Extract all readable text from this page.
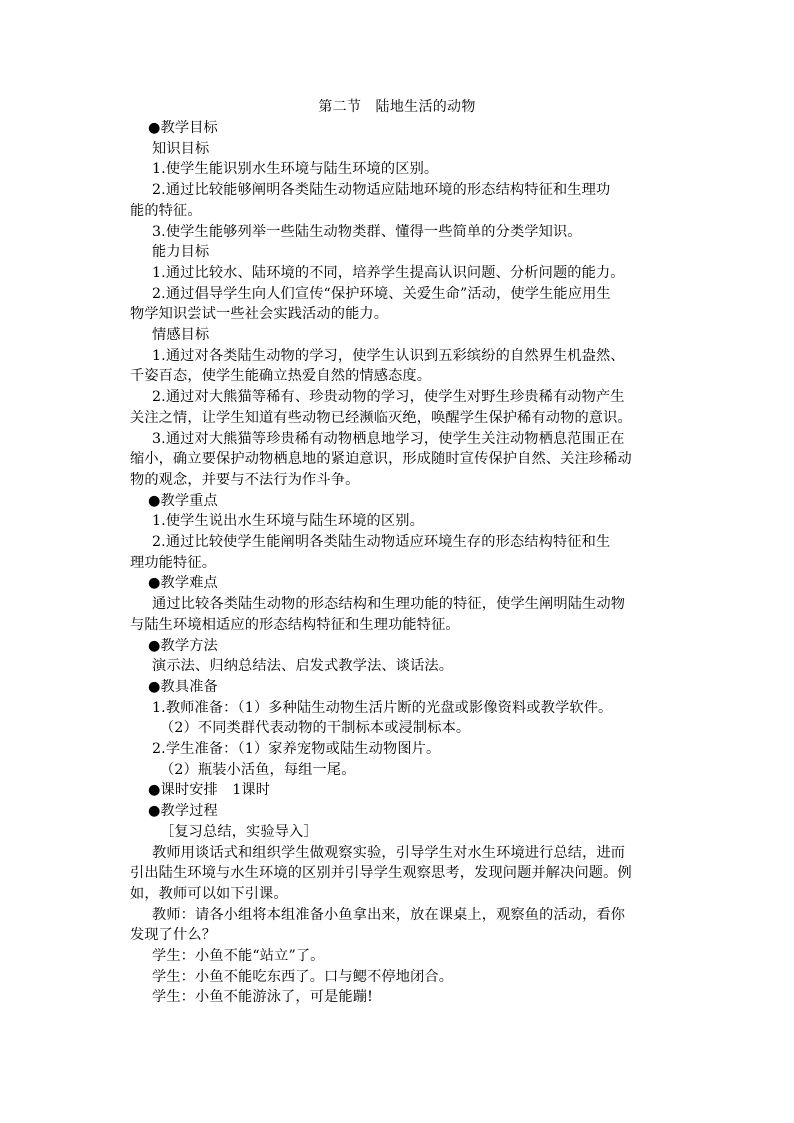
第二节　陆地生活的动物
●教学目标
知识目标
1.使学生能识别水生环境与陆生环境的区别。
2.通过比较能够阐明各类陆生动物适应陆地环境的形态结构特征和生理功
能的特征。
3.使学生能够列举一些陆生动物类群、懂得一些简单的分类学知识。
能力目标
1.通过比较水、陆环境的不同，培养学生提高认识问题、分析问题的能力。
2.通过倡导学生向人们宣传“保护环境、关爱生命”活动，使学生能应用生
物学知识尝试一些社会实践活动的能力。
情感目标
1.通过对各类陆生动物的学习，使学生认识到五彩缤纷的自然界生机盎然、
千姿百态，使学生能确立热爱自然的情感态度。
2.通过对大熊猫等稀有、珍贵动物的学习，使学生对野生珍贵稀有动物产生
关注之情，让学生知道有些动物已经濒临灭绝，唤醒学生保护稀有动物的意识。
3.通过对大熊猫等珍贵稀有动物栖息地学习，使学生关注动物栖息范围正在
缩小，确立要保护动物栖息地的紧迫意识，形成随时宣传保护自然、关注珍稀动
物的观念，并要与不法行为作斗争。
●教学重点
1.使学生说出水生环境与陆生环境的区别。
2.通过比较使学生能阐明各类陆生动物适应环境生存的形态结构特征和生
理功能特征。
●教学难点
通过比较各类陆生动物的形态结构和生理功能的特征，使学生阐明陆生动物
与陆生环境相适应的形态结构特征和生理功能特征。
●教学方法
演示法、归纳总结法、启发式教学法、谈话法。
●教具准备
1.教师准备：（1）多种陆生动物生活片断的光盘或影像资料或教学软件。
（2）不同类群代表动物的干制标本或浸制标本。
2.学生准备：（1）家养宠物或陆生动物图片。
（2）瓶装小活鱼，每组一尾。
●课时安排　1课时
●教学过程
［复习总结，实验导入］
教师用谈话式和组织学生做观察实验，引导学生对水生环境进行总结，进而
引出陆生环境与水生环境的区别并引导学生观察思考，发现问题并解决问题。例
如，教师可以如下引课。
教师：请各小组将本组准备小鱼拿出来，放在课桌上，观察鱼的活动，看你
发现了什么？
学生：小鱼不能“站立”了。
学生：小鱼不能吃东西了。口与鳃不停地闭合。
学生：小鱼不能游泳了，可是能蹦!
